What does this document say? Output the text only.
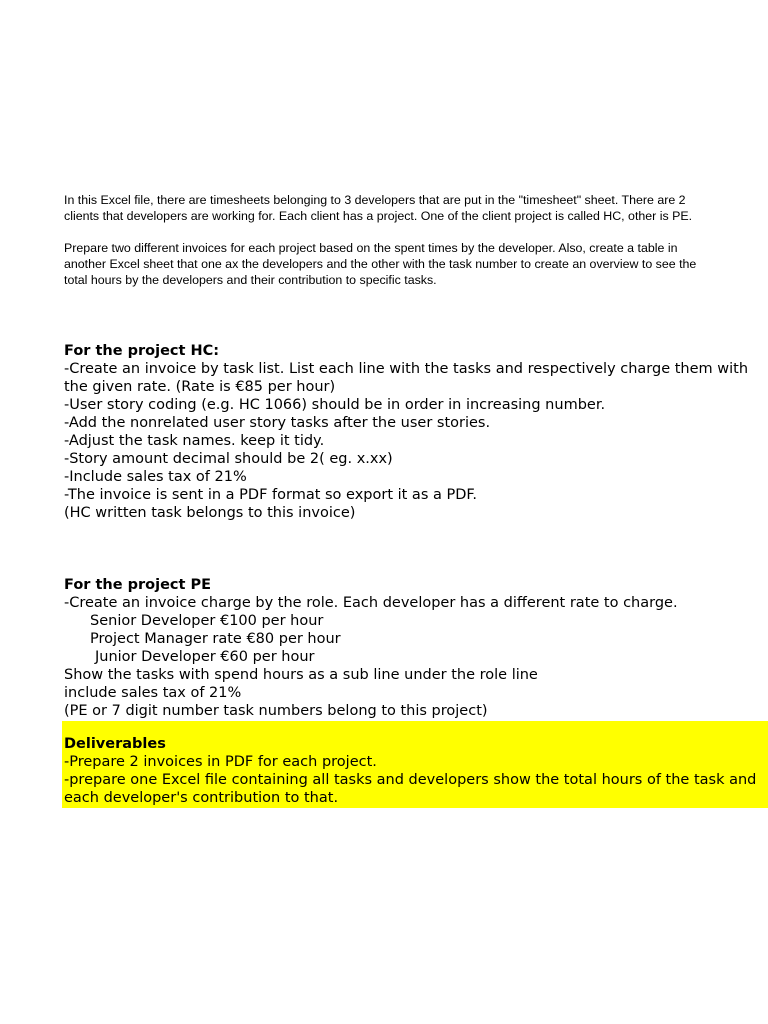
In this Excel file, there are timesheets belonging to 3 developers that are put in the "timesheet" sheet. There are 2
clients that developers are working for. Each client has a project. One of the client project is called HC, other is PE.
Prepare two different invoices for each project based on the spent times by the developer. Also, create a table in
another Excel sheet that one ax the developers and the other with the task number to create an overview to see the
total hours by the developers and their contribution to specific tasks.
For the project HC:
-Create an invoice by task list. List each line with the tasks and respectively charge them with
the given rate. (Rate is €85 per hour)
-User story coding (e.g. HC 1066) should be in order in increasing number.
-Add the nonrelated user story tasks after the user stories.
-Adjust the task names. keep it tidy.
-Story amount decimal should be 2( eg. x.xx)
-Include sales tax of 21%
-The invoice is sent in a PDF format so export it as a PDF.
(HC written task belongs to this invoice)
For the project PE
-Create an invoice charge by the role. Each developer has a different rate to charge.
Senior Developer €100 per hour
Project Manager rate €80 per hour
Junior Developer €60 per hour
Show the tasks with spend hours as a sub line under the role line
include sales tax of 21%
(PE or 7 digit number task numbers belong to this project)
Deliverables
-Prepare 2 invoices in PDF for each project.
-prepare one Excel file containing all tasks and developers show the total hours of the task and
each developer's contribution to that.
